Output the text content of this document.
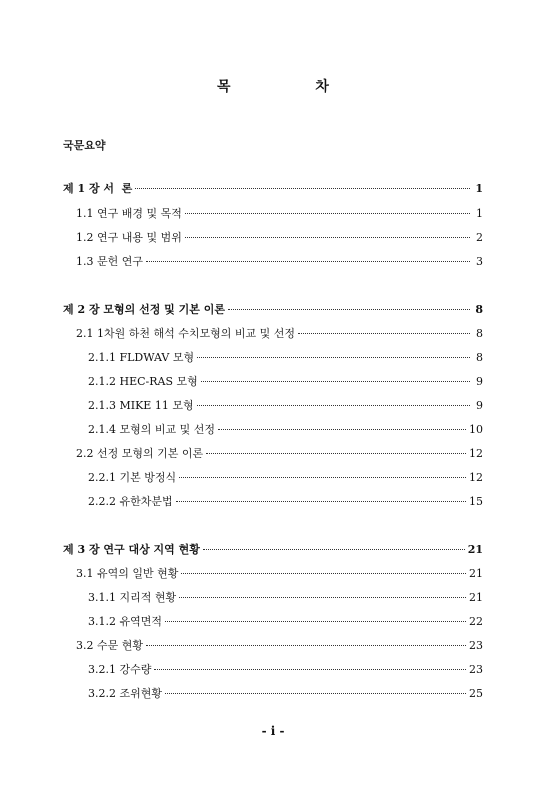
목 차
국문요약
제 1 장 서  론	1
1.1 연구 배경 및 목적	1
1.2 연구 내용 및 범위	2
1.3 문헌 연구	3
제 2 장 모형의 선정 및 기본 이론	8
2.1 1차원 하천 해석 수치모형의 비교 및 선정	8
2.1.1 FLDWAV 모형	8
2.1.2 HEC-RAS 모형	9
2.1.3 MIKE 11 모형	9
2.1.4 모형의 비교 및 선정	10
2.2 선정 모형의 기본 이론	12
2.2.1 기본 방정식	12
2.2.2 유한차분법	15
제 3 장 연구 대상 지역 현황	21
3.1 유역의 일반 현황	21
3.1.1 지리적 현황	21
3.1.2 유역면적	22
3.2 수문 현황	23
3.2.1 강수량	23
3.2.2 조위현황	25
- i -
